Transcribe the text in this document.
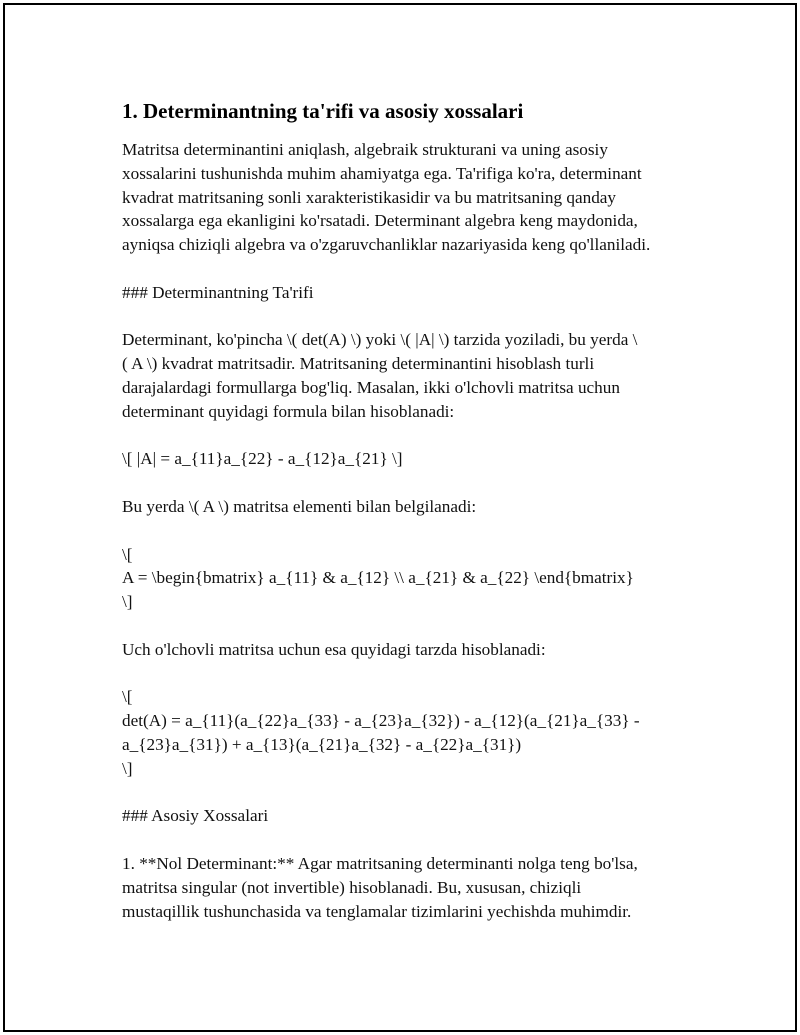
1. Determinantning ta'rifi va asosiy xossalari
Matritsa determinantini aniqlash, algebraik strukturani va uning asosiy
xossalarini tushunishda muhim ahamiyatga ega. Ta'rifiga ko'ra, determinant
kvadrat matritsaning sonli xarakteristikasidir va bu matritsaning qanday
xossalarga ega ekanligini ko'rsatadi. Determinant algebra keng maydonida,
ayniqsa chiziqli algebra va o'zgaruvchanliklar nazariyasida keng qo'llaniladi.
### Determinantning Ta'rifi
Determinant, ko'pincha \( det(A) \) yoki \( |A| \) tarzida yoziladi, bu yerda \
( A \) kvadrat matritsadir. Matritsaning determinantini hisoblash turli
darajalardagi formullarga bog'liq. Masalan, ikki o'lchovli matritsa uchun
determinant quyidagi formula bilan hisoblanadi:
\[ |A| = a_{11}a_{22} - a_{12}a_{21} \]
Bu yerda \( A \) matritsa elementi bilan belgilanadi:
\[
A = \begin{bmatrix} a_{11} & a_{12} \\ a_{21} & a_{22} \end{bmatrix}
\]
Uch o'lchovli matritsa uchun esa quyidagi tarzda hisoblanadi:
\[
det(A) = a_{11}(a_{22}a_{33} - a_{23}a_{32}) - a_{12}(a_{21}a_{33} -
a_{23}a_{31}) + a_{13}(a_{21}a_{32} - a_{22}a_{31})
\]
### Asosiy Xossalari
1. **Nol Determinant:** Agar matritsaning determinanti nolga teng bo'lsa,
matritsa singular (not invertible) hisoblanadi. Bu, xususan, chiziqli
mustaqillik tushunchasida va tenglamalar tizimlarini yechishda muhimdir.
